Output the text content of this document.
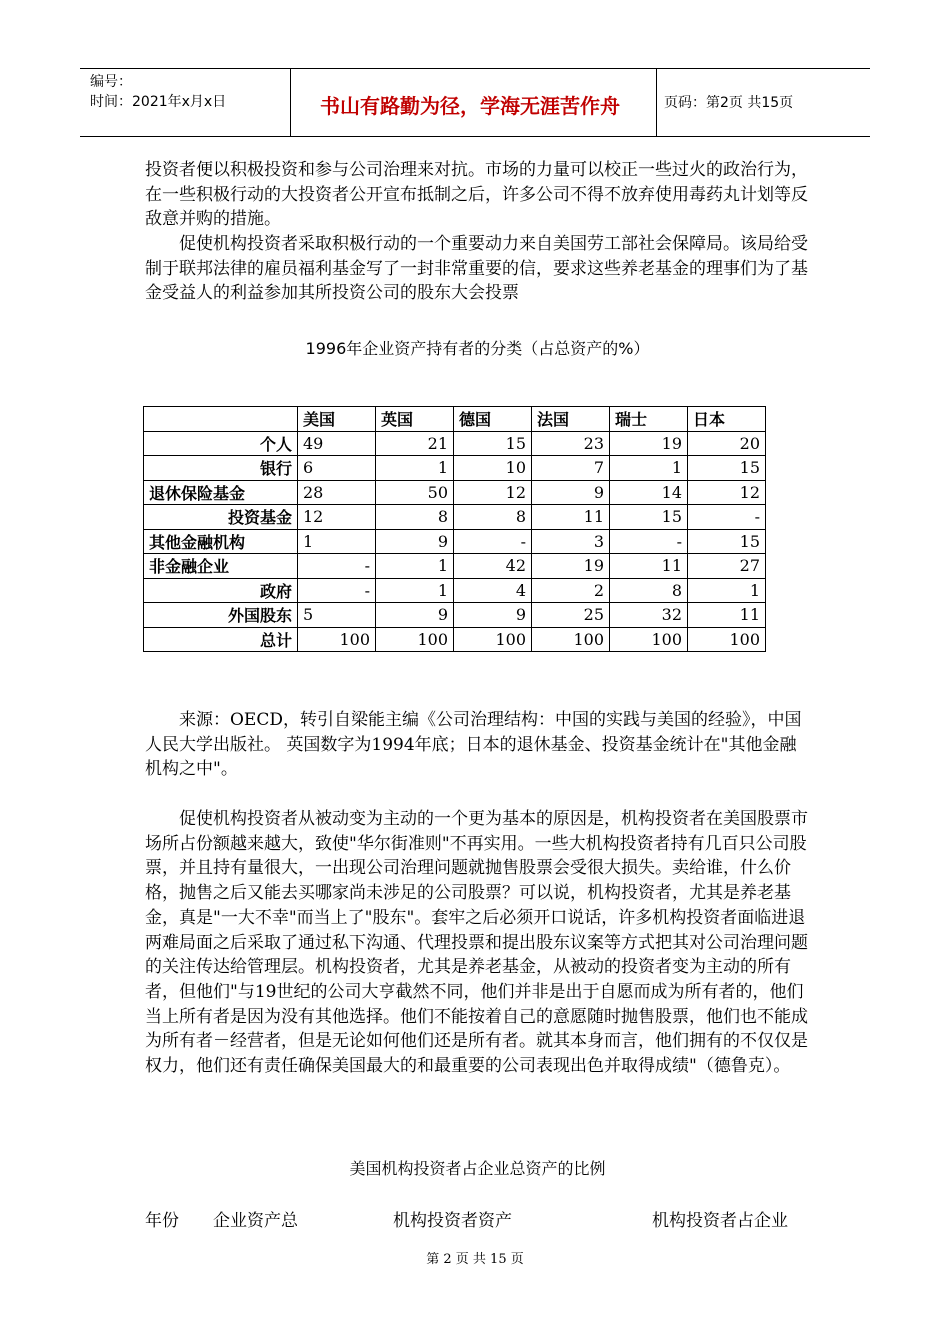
编号：
时间：2021年x月x日	书山有路勤为径，学海无涯苦作舟	页码：第2页 共15页

投资者便以积极投资和参与公司治理来对抗。市场的力量可以校正一些过火的政治行为，在一些积极行动的大投资者公开宣布抵制之后，许多公司不得不放弃使用毒药丸计划等反敌意并购的措施。

促使机构投资者采取积极行动的一个重要动力来自美国劳工部社会保障局。该局给受制于联邦法律的雇员福利基金写了一封非常重要的信，要求这些养老基金的理事们为了基金受益人的利益参加其所投资公司的股东大会投票

1996年企业资产持有者的分类（占总资产的%）

	美国	英国	德国	法国	瑞士	日本
个人	49	21	15	23	19	20
银行	6	1	10	7	1	15
退休保险基金	28	50	12	9	14	12
投资基金	12	8	8	11	15	-
其他金融机构	1	9	-	3	-	15
非金融企业	-	1	42	19	11	27
政府	-	1	4	2	8	1
外国股东	5	9	9	25	32	11
总计	100	100	100	100	100	100

来源：OECD，转引自梁能主编《公司治理结构：中国的实践与美国的经验》，中国人民大学出版社。 英国数字为1994年底；日本的退休基金、投资基金统计在"其他金融机构之中"。

促使机构投资者从被动变为主动的一个更为基本的原因是，机构投资者在美国股票市场所占份额越来越大，致使"华尔街准则"不再实用。一些大机构投资者持有几百只公司股票，并且持有量很大，一出现公司治理问题就抛售股票会受很大损失。卖给谁，什么价格，抛售之后又能去买哪家尚未涉足的公司股票？可以说，机构投资者，尤其是养老基金，真是"一大不幸"而当上了"股东"。套牢之后必须开口说话，许多机构投资者面临进退两难局面之后采取了通过私下沟通、代理投票和提出股东议案等方式把其对公司治理问题的关注传达给管理层。机构投资者，尤其是养老基金，从被动的投资者变为主动的所有者，但他们"与19世纪的公司大亨截然不同，他们并非是出于自愿而成为所有者的，他们当上所有者是因为没有其他选择。他们不能按着自己的意愿随时抛售股票，他们也不能成为所有者－经营者，但是无论如何他们还是所有者。就其本身而言，他们拥有的不仅仅是权力，他们还有责任确保美国最大的和最重要的公司表现出色并取得成绩"（德鲁克）。

美国机构投资者占企业总资产的比例

年份 企业资产总	机构投资者资产	机构投资者占企业
第 2 页 共 15 页
